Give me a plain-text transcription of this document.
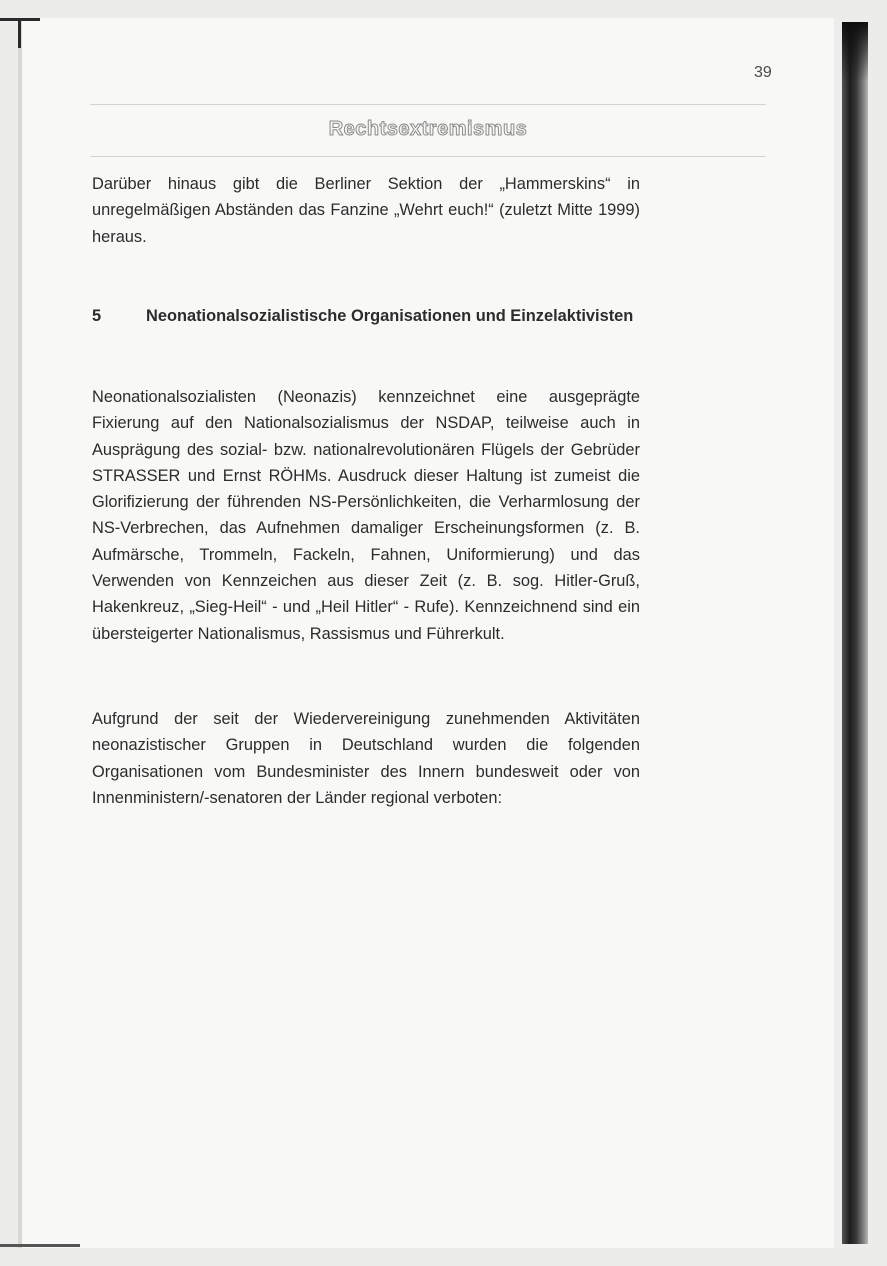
39
Rechtsextremismus

Darüber hinaus gibt die Berliner Sektion der „Hammerskins“ in unregelmäßigen Abständen das Fanzine „Wehrt euch!“ (zuletzt Mitte 1999) heraus.

5	Neonationalsozialistische Organisationen und Einzelaktivisten

Neonationalsozialisten (Neonazis) kennzeichnet eine ausgeprägte Fixierung auf den Nationalsozialismus der NSDAP, teilweise auch in Ausprägung des sozial- bzw. nationalrevolutionären Flügels der Gebrüder STRASSER und Ernst RÖHMs. Ausdruck dieser Haltung ist zumeist die Glorifizierung der führenden NS-Persönlichkeiten, die Verharmlosung der NS-Verbrechen, das Aufnehmen damaliger Erscheinungsformen (z. B. Aufmärsche, Trommeln, Fackeln, Fahnen, Uniformierung) und das Verwenden von Kennzeichen aus dieser Zeit (z. B. sog. Hitler-Gruß, Hakenkreuz, „Sieg-Heil“ - und „Heil Hitler“ - Rufe). Kennzeichnend sind ein übersteigerter Nationalismus, Rassismus und Führerkult.

Aufgrund der seit der Wiedervereinigung zunehmenden Aktivitäten neonazistischer Gruppen in Deutschland wurden die folgenden Organisationen vom Bundesminister des Innern bundesweit oder von Innenministern/-senatoren der Länder regional verboten:
